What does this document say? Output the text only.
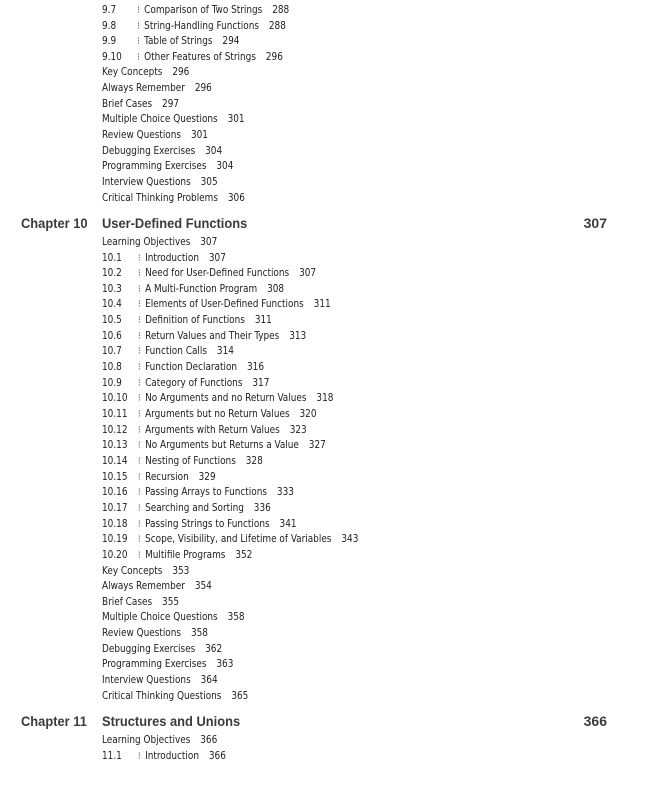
9.7 ⁝ Comparison of Two Strings 288
9.8 ⁝ String-Handling Functions 288
9.9 ⁝ Table of Strings 294
9.10 ⁝ Other Features of Strings 296
Key Concepts 296
Always Remember 296
Brief Cases 297
Multiple Choice Questions 301
Review Questions 301
Debugging Exercises 304
Programming Exercises 304
Interview Questions 305
Critical Thinking Problems 306
Chapter 10 User-Defined Functions	307
Learning Objectives 307
10.1 ⁝ Introduction 307
10.2 ⁝ Need for User-Defined Functions 307
10.3 ⁝ A Multi-Function Program 308
10.4 ⁝ Elements of User-Defined Functions 311
10.5 ⁝ Definition of Functions 311
10.6 ⁝ Return Values and Their Types 313
10.7 ⁝ Function Calls 314
10.8 ⁝ Function Declaration 316
10.9 ⁝ Category of Functions 317
10.10 ⁝ No Arguments and no Return Values 318
10.11 ⁝ Arguments but no Return Values 320
10.12 ⁝ Arguments with Return Values 323
10.13 ⁝ No Arguments but Returns a Value 327
10.14 ⁝ Nesting of Functions 328
10.15 ⁝ Recursion 329
10.16 ⁝ Passing Arrays to Functions 333
10.17 ⁝ Searching and Sorting 336
10.18 ⁝ Passing Strings to Functions 341
10.19 ⁝ Scope, Visibility, and Lifetime of Variables 343
10.20 ⁝ Multifile Programs 352
Key Concepts 353
Always Remember 354
Brief Cases 355
Multiple Choice Questions 358
Review Questions 358
Debugging Exercises 362
Programming Exercises 363
Interview Questions 364
Critical Thinking Questions 365
Chapter 11 Structures and Unions	366
Learning Objectives 366
11.1 ⁝ Introduction 366
